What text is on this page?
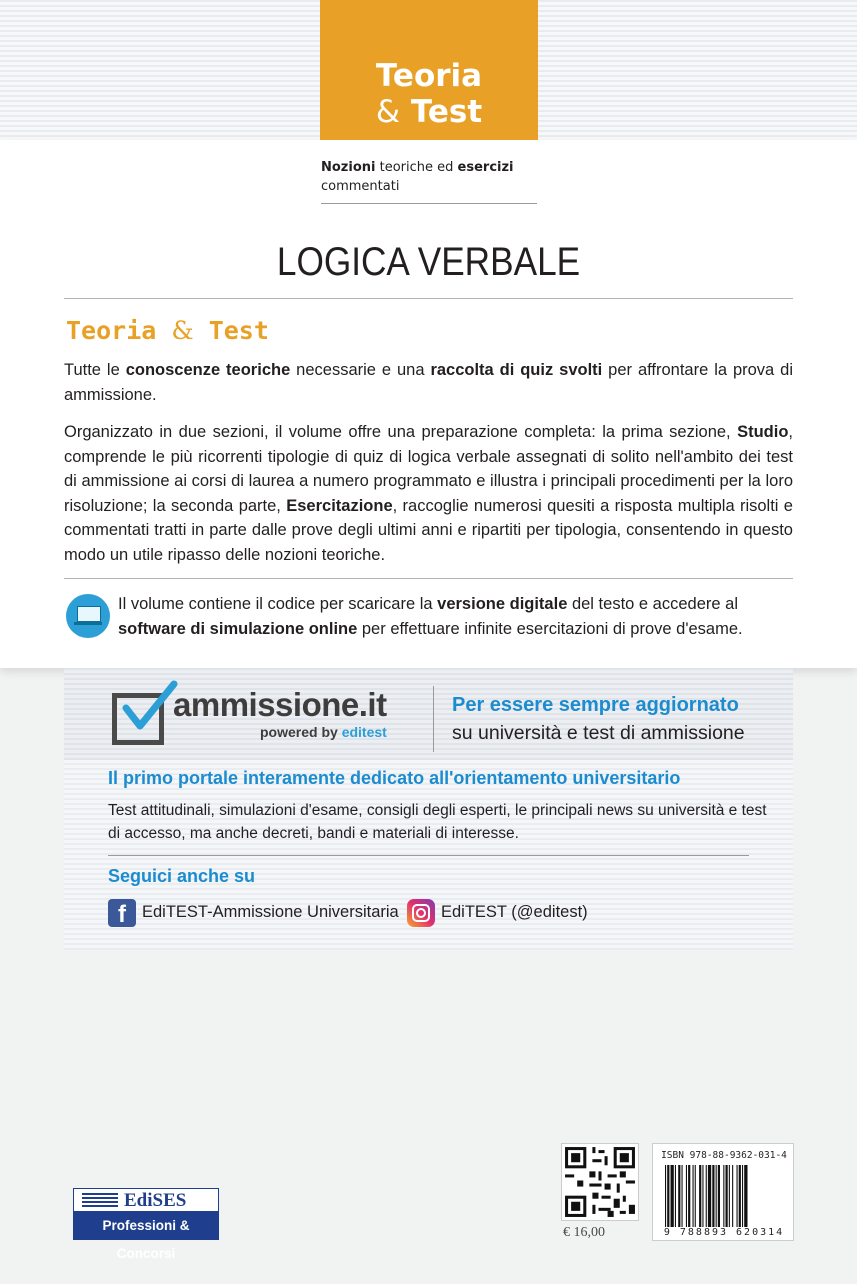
Teoria
& Test
Nozioni teoriche ed esercizi commentati
LOGICA VERBALE
Teoria & Test
Tutte le conoscenze teoriche necessarie e una raccolta di quiz svolti per affrontare la prova di ammissione.
Organizzato in due sezioni, il volume offre una preparazione completa: la prima sezione, Studio, comprende le più ricorrenti tipologie di quiz di logica verbale assegnati di solito nell'ambito dei test di ammissione ai corsi di laurea a numero programmato e illustra i principali procedimenti per la loro risoluzione; la seconda parte, Esercitazione, raccoglie numerosi quesiti a risposta multipla risolti e commentati tratti in parte dalle prove degli ultimi anni e ripartiti per tipologia, consentendo in questo modo un utile ripasso delle nozioni teoriche.
Il volume contiene il codice per scaricare la versione digitale del testo e accedere al software di simulazione online per effettuare infinite esercitazioni di prove d'esame.
ammissione.it
powered by editest
Per essere sempre aggiornato
su università e test di ammissione
Il primo portale interamente dedicato all'orientamento universitario
Test attitudinali, simulazioni d'esame, consigli degli esperti, le principali news su università e test di accesso, ma anche decreti, bandi e materiali di interesse.
Seguici anche su
f EdiTEST-Ammissione Universitaria	EdiTEST (@editest)
EdiSES
Professioni & Concorsi
€ 16,00
ISBN 978-88-9362-031-4
9 788893 620314
